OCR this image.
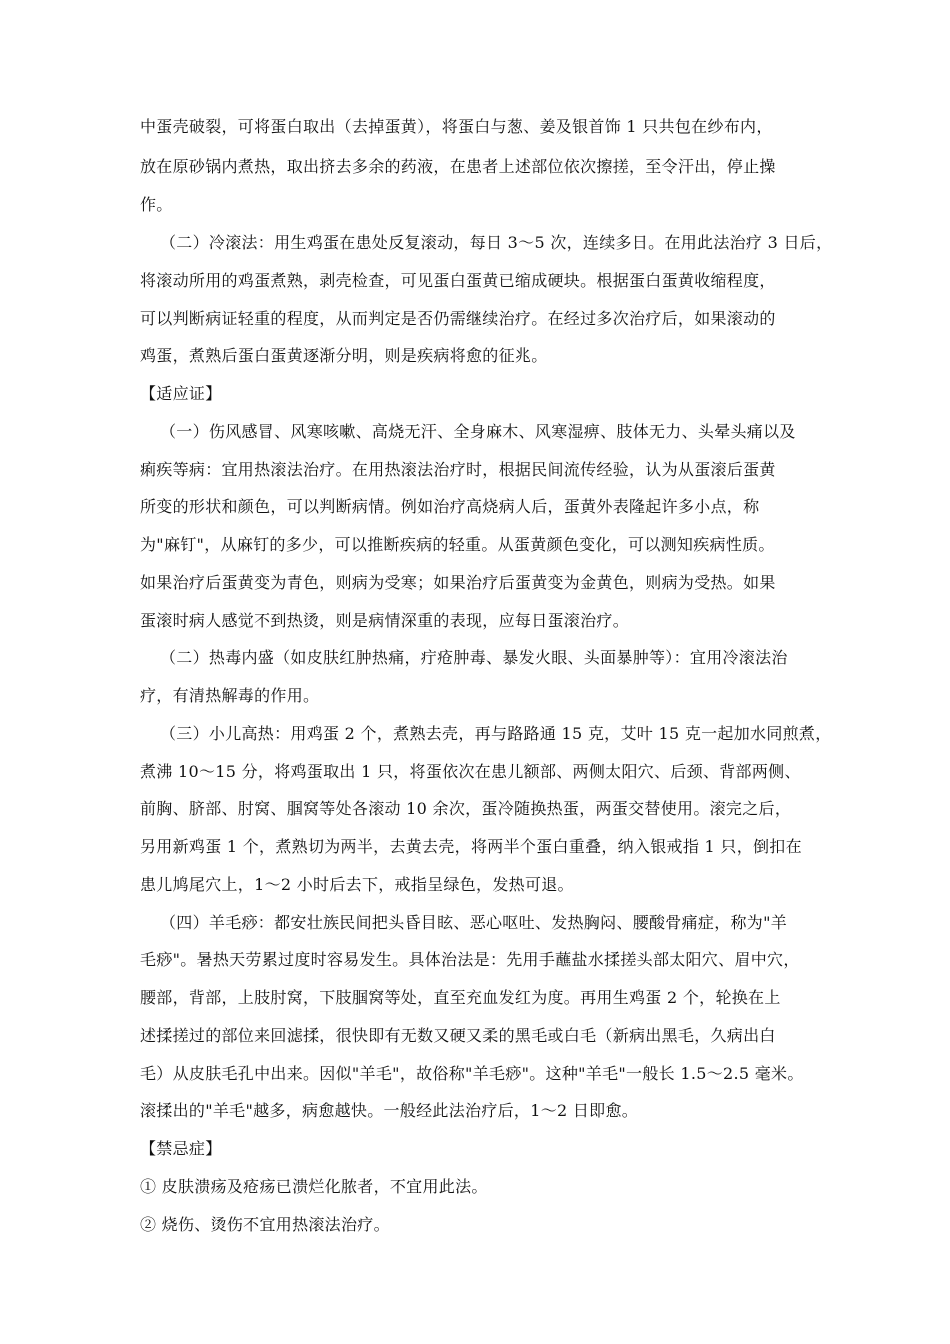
中蛋壳破裂，可将蛋白取出（去掉蛋黄），将蛋白与葱、姜及银首饰 1 只共包在纱布内，
放在原砂锅内煮热，取出挤去多余的药液，在患者上述部位依次擦搓，至令汗出，停止操
作。
（二）冷滚法：用生鸡蛋在患处反复滚动，每日 3～5 次，连续多日。在用此法治疗 3 日后，
将滚动所用的鸡蛋煮熟，剥壳检查，可见蛋白蛋黄已缩成硬块。根据蛋白蛋黄收缩程度，
可以判断病证轻重的程度，从而判定是否仍需继续治疗。在经过多次治疗后，如果滚动的
鸡蛋，煮熟后蛋白蛋黄逐渐分明，则是疾病将愈的征兆。
【适应证】
（一）伤风感冒、风寒咳嗽、高烧无汗、全身麻木、风寒湿痹、肢体无力、头晕头痛以及
痢疾等病：宜用热滚法治疗。在用热滚法治疗时，根据民间流传经验，认为从蛋滚后蛋黄
所变的形状和颜色，可以判断病情。例如治疗高烧病人后，蛋黄外表隆起许多小点，称
为"麻钉"，从麻钉的多少，可以推断疾病的轻重。从蛋黄颜色变化，可以测知疾病性质。
如果治疗后蛋黄变为青色，则病为受寒；如果治疗后蛋黄变为金黄色，则病为受热。如果
蛋滚时病人感觉不到热烫，则是病情深重的表现，应每日蛋滚治疗。
（二）热毒内盛（如皮肤红肿热痛，疔疮肿毒、暴发火眼、头面暴肿等）：宜用冷滚法治
疗，有清热解毒的作用。
（三）小儿高热：用鸡蛋 2 个，煮熟去壳，再与路路通 15 克，艾叶 15 克一起加水同煎煮，
煮沸 10～15 分，将鸡蛋取出 1 只，将蛋依次在患儿额部、两侧太阳穴、后颈、背部两侧、
前胸、脐部、肘窝、腘窝等处各滚动 10 余次，蛋冷随换热蛋，两蛋交替使用。滚完之后，
另用新鸡蛋 1 个，煮熟切为两半，去黄去壳，将两半个蛋白重叠，纳入银戒指 1 只，倒扣在
患儿鸠尾穴上，1～2 小时后去下，戒指呈绿色，发热可退。
（四）羊毛痧：都安壮族民间把头昏目眩、恶心呕吐、发热胸闷、腰酸骨痛症，称为"羊
毛痧"。暑热天劳累过度时容易发生。具体治法是：先用手蘸盐水揉搓头部太阳穴、眉中穴，
腰部，背部，上肢肘窝，下肢腘窝等处，直至充血发红为度。再用生鸡蛋 2 个，轮换在上
述揉搓过的部位来回滤揉，很快即有无数又硬又柔的黑毛或白毛（新病出黑毛，久病出白
毛）从皮肤毛孔中出来。因似"羊毛"，故俗称"羊毛痧"。这种"羊毛"一般长 1.5～2.5 毫米。
滚揉出的"羊毛"越多，病愈越快。一般经此法治疗后，1～2 日即愈。
【禁忌症】
① 皮肤溃疡及疮疡已溃烂化脓者，不宜用此法。
② 烧伤、烫伤不宜用热滚法治疗。
